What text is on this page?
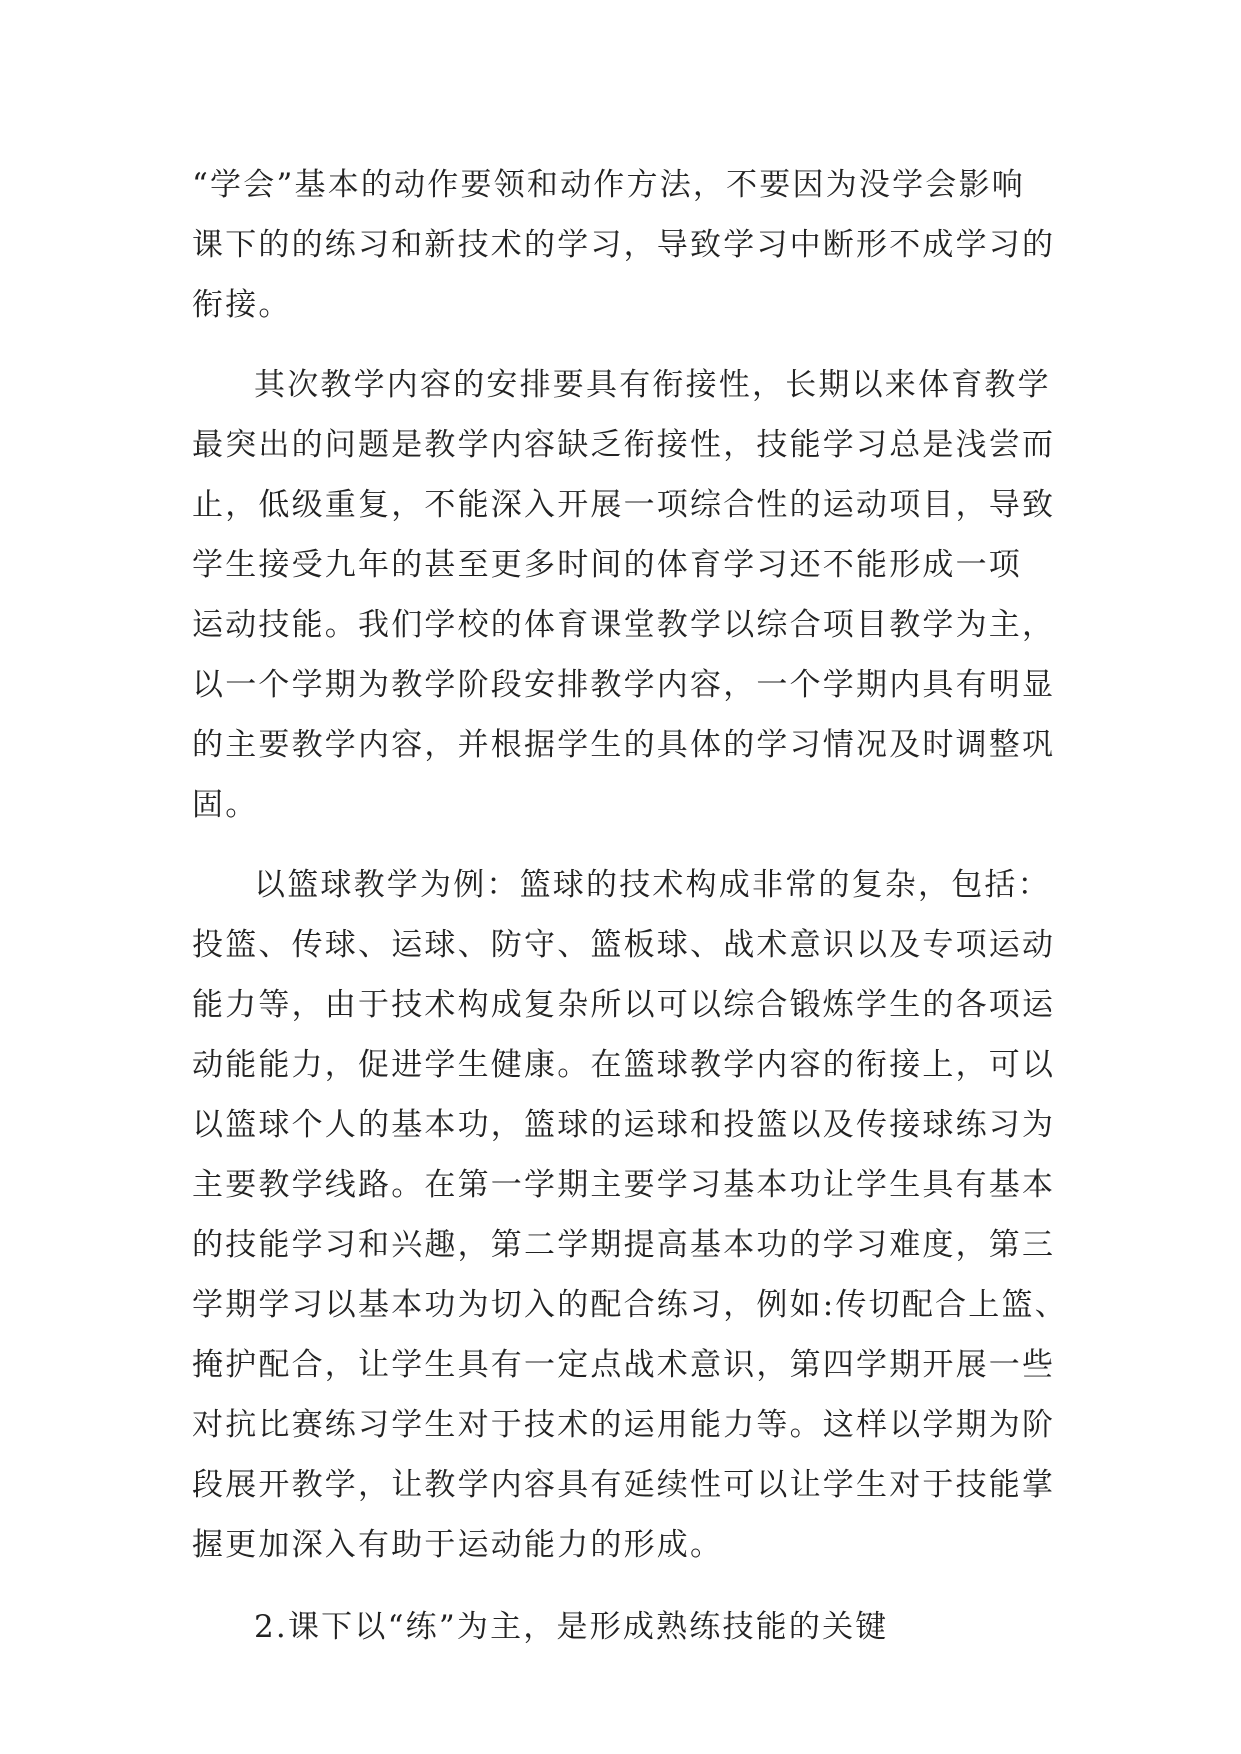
“学会”基本的动作要领和动作方法，不要因为没学会影响
课下的的练习和新技术的学习，导致学习中断形不成学习的
衔接。
其次教学内容的安排要具有衔接性，长期以来体育教学
最突出的问题是教学内容缺乏衔接性，技能学习总是浅尝而
止，低级重复，不能深入开展一项综合性的运动项目，导致
学生接受九年的甚至更多时间的体育学习还不能形成一项
运动技能。我们学校的体育课堂教学以综合项目教学为主，
以一个学期为教学阶段安排教学内容，一个学期内具有明显
的主要教学内容，并根据学生的具体的学习情况及时调整巩
固。
以篮球教学为例：篮球的技术构成非常的复杂，包括：
投篮、传球、运球、防守、篮板球、战术意识以及专项运动
能力等，由于技术构成复杂所以可以综合锻炼学生的各项运
动能能力，促进学生健康。在篮球教学内容的衔接上，可以
以篮球个人的基本功，篮球的运球和投篮以及传接球练习为
主要教学线路。在第一学期主要学习基本功让学生具有基本
的技能学习和兴趣，第二学期提高基本功的学习难度，第三
学期学习以基本功为切入的配合练习，例如:传切配合上篮、
掩护配合，让学生具有一定点战术意识，第四学期开展一些
对抗比赛练习学生对于技术的运用能力等。这样以学期为阶
段展开教学，让教学内容具有延续性可以让学生对于技能掌
握更加深入有助于运动能力的形成。
2.课下以“练”为主，是形成熟练技能的关键
